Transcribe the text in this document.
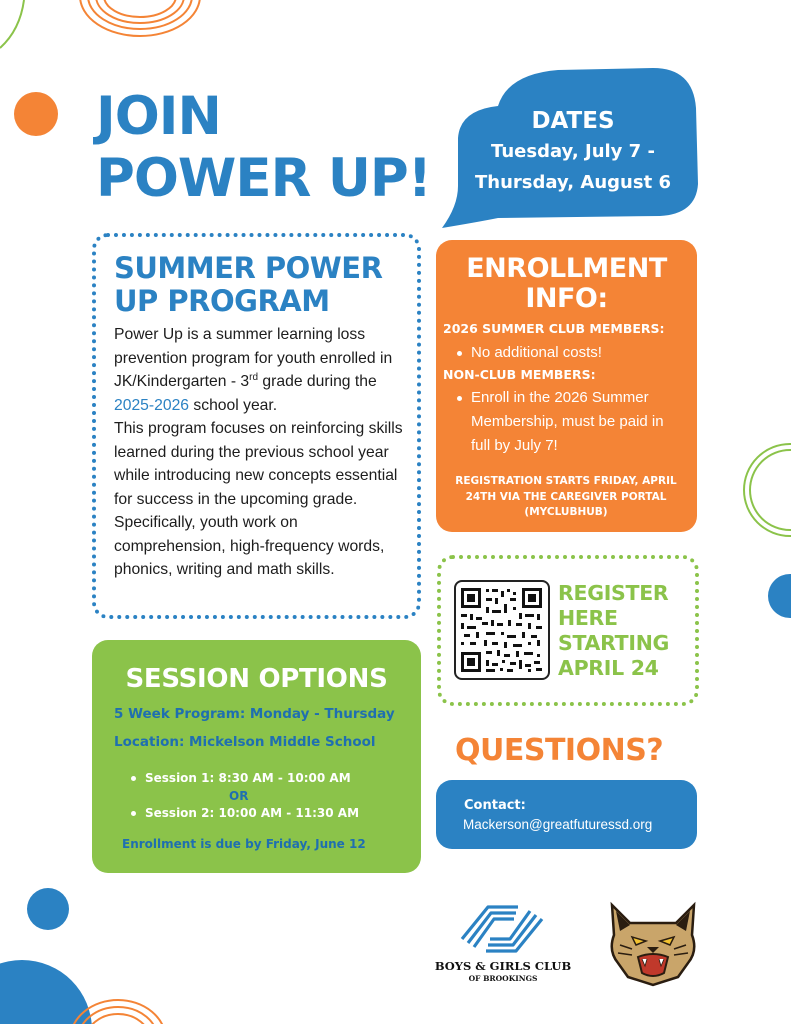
JOIN
POWER UP!
DATES
Tuesday, July 7 -
Thursday, August 6
SUMMER POWER
UP PROGRAM
Power Up is a summer learning loss prevention program for youth enrolled in JK/Kindergarten - 3rd grade during the 2025-2026 school year.
This program focuses on reinforcing skills learned during the previous school year while introducing new concepts essential for success in the upcoming grade. Specifically, youth work on comprehension, high-frequency words, phonics, writing and math skills.
ENROLLMENT
INFO:
2026 SUMMER CLUB MEMBERS:
No additional costs!
NON-CLUB MEMBERS:
Enroll in the 2026 Summer
Membership, must be paid in
full by July 7!
REGISTRATION STARTS FRIDAY, APRIL
24TH VIA THE CAREGIVER PORTAL
(MYCLUBHUB)
REGISTER
HERE
STARTING
APRIL 24
QUESTIONS?
Contact:
Mackerson@greatfuturessd.org
SESSION OPTIONS
5 Week Program: Monday - Thursday
Location: Mickelson Middle School
Session 1: 8:30 AM - 10:00 AM
OR
Session 2: 10:00 AM - 11:30 AM
Enrollment is due by Friday, June 12
BOYS & GIRLS CLUB
OF BROOKINGS
